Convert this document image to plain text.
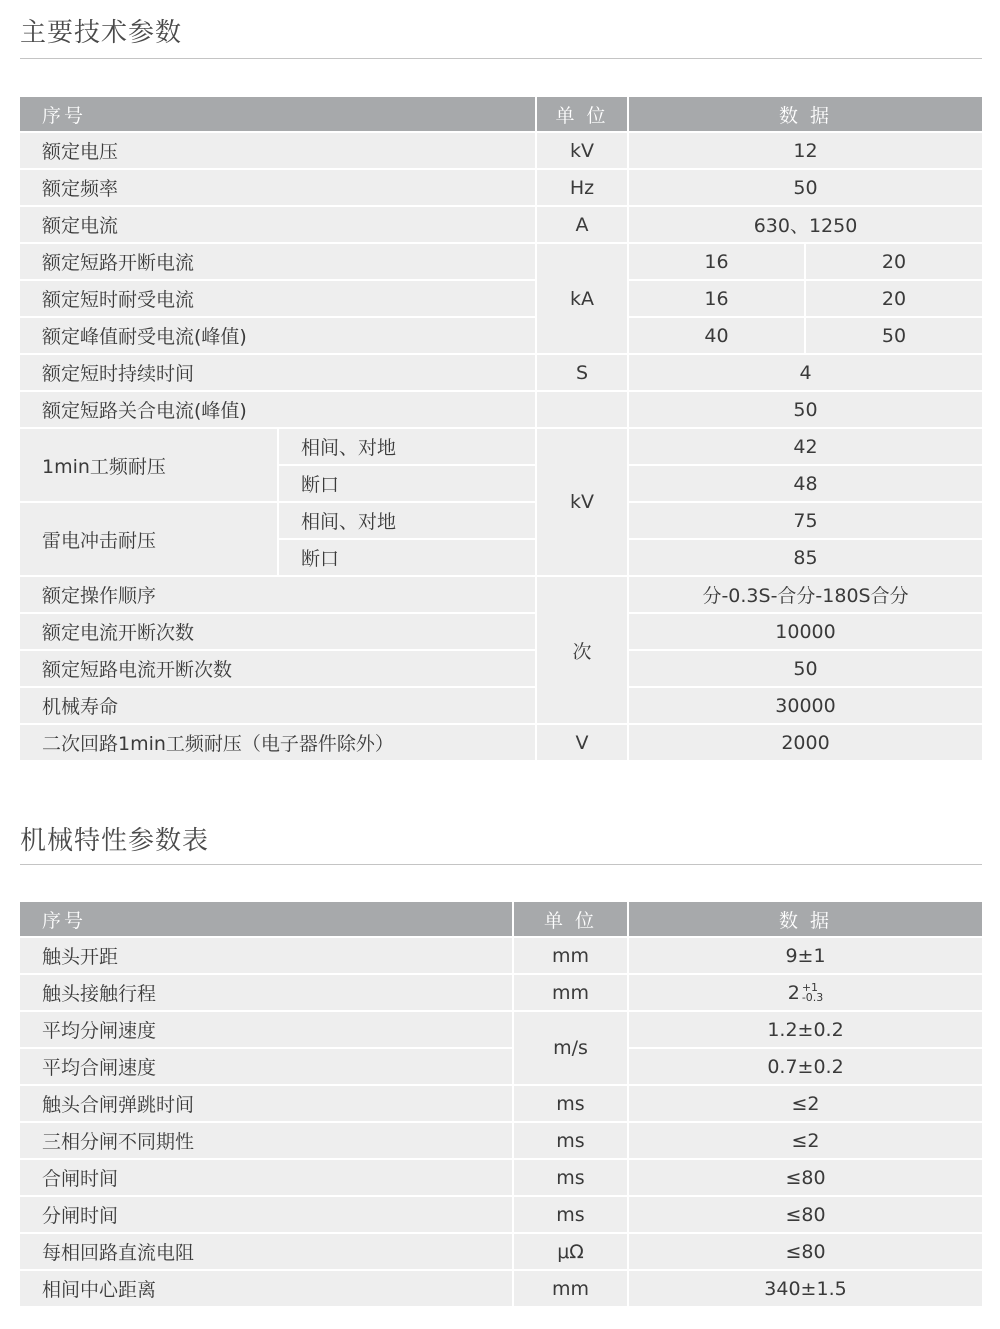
主要技术参数
序号		单 位	数 据	
额定电压		kV	12	
额定频率		Hz	50	
额定电流		A	630、1250	
额定短路开断电流		kA	16	20
额定短时耐受电流			16	20
额定峰值耐受电流(峰值)			40	50
额定短时持续时间		S	4	
额定短路关合电流(峰值)			50	
1min工频耐压	相间、对地	kV	42	
	断口		48	
雷电冲击耐压	相间、对地		75	
	断口		85	
额定操作顺序		次	分-0.3S-合分-180S合分	
额定电流开断次数			10000	
额定短路电流开断次数			50	
机械寿命			30000	
二次回路1min工频耐压（电子器件除外）		V	2000	
机械特性参数表
序号	单 位	数 据
触头开距	mm	9±1
触头接触行程	mm	2 +1
-0.3

平均分闸速度	m/s	1.2±0.2
平均合闸速度		0.7±0.2
触头合闸弹跳时间	ms	≤2
三相分闸不同期性	ms	≤2
合闸时间	ms	≤80
分闸时间	ms	≤80
每相回路直流电阻	μΩ	≤80
相间中心距离	mm	340±1.5
